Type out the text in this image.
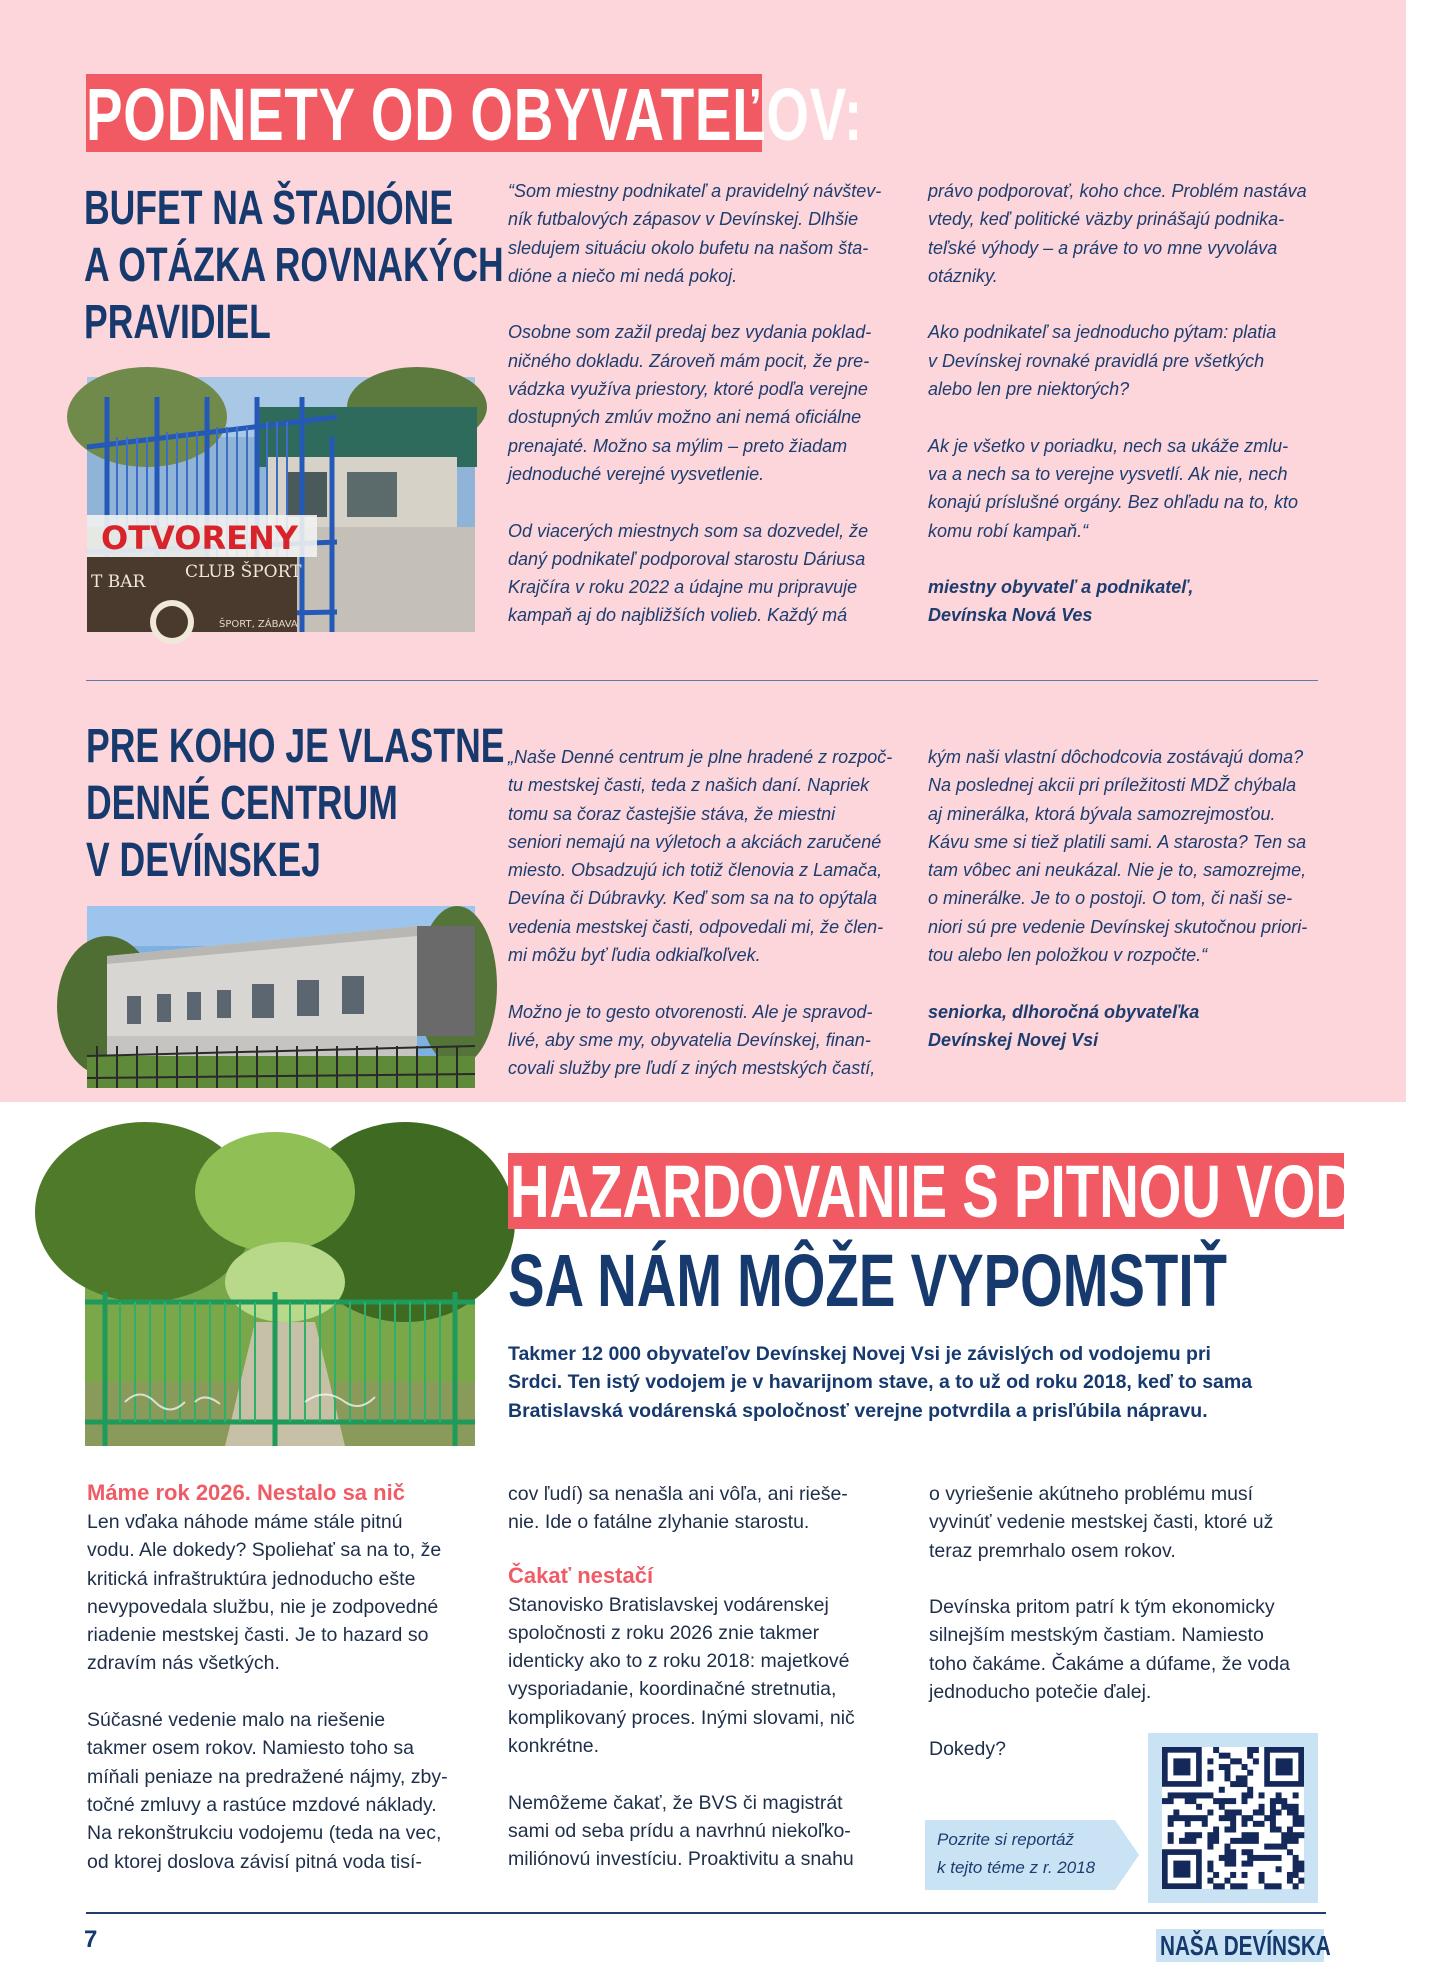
PODNETY OD OBYVATEĽOV:
BUFET NA ŠTADIÓNE
A OTÁZKA ROVNAKÝCH
PRAVIDIEL
OTVORENY
T BAR CLUB ŠPORT
ŠPORT, ZÁBAVA

“Som miestny podnikateľ a pravidelný návštev-
ník futbalových zápasov v Devínskej. Dlhšie
sledujem situáciu okolo bufetu na našom šta-
dióne a niečo mi nedá pokoj.

Osobne som zažil predaj bez vydania poklad-
ničného dokladu. Zároveň mám pocit, že pre-
vádzka využíva priestory, ktoré podľa verejne
dostupných zmlúv možno ani nemá oficiálne
prenajaté. Možno sa mýlim – preto žiadam
jednoduché verejné vysvetlenie.

Od viacerých miestnych som sa dozvedel, že
daný podnikateľ podporoval starostu Dáriusa
Krajčíra v roku 2022 a údajne mu pripravuje
kampaň aj do najbližších volieb. Každý má

právo podporovať, koho chce. Problém nastáva
vtedy, keď politické väzby prinášajú podnika-
teľské výhody – a práve to vo mne vyvoláva
otázniky.

Ako podnikateľ sa jednoducho pýtam: platia
v Devínskej rovnaké pravidlá pre všetkých
alebo len pre niektorých?

Ak je všetko v poriadku, nech sa ukáže zmlu-
va a nech sa to verejne vysvetlí. Ak nie, nech
konajú príslušné orgány. Bez ohľadu na to, kto
komu robí kampaň.“

miestny obyvateľ a podnikateľ,
Devínska Nová Ves
PRE KOHO JE VLASTNE
DENNÉ CENTRUM
V DEVÍNSKEJ

„Naše Denné centrum je plne hradené z rozpoč-
tu mestskej časti, teda z našich daní. Napriek
tomu sa čoraz častejšie stáva, že miestni
seniori nemajú na výletoch a akciách zaručené
miesto. Obsadzujú ich totiž členovia z Lamača,
Devína či Dúbravky. Keď som sa na to opýtala
vedenia mestskej časti, odpovedali mi, že člen-
mi môžu byť ľudia odkiaľkoľvek.

Možno je to gesto otvorenosti. Ale je spravod-
livé, aby sme my, obyvatelia Devínskej, finan-
covali služby pre ľudí z iných mestských častí,

kým naši vlastní dôchodcovia zostávajú doma?
Na poslednej akcii pri príležitosti MDŽ chýbala
aj minerálka, ktorá bývala samozrejmosťou.
Kávu sme si tiež platili sami. A starosta? Ten sa
tam vôbec ani neukázal. Nie je to, samozrejme,
o minerálke. Je to o postoji. O tom, či naši se-
niori sú pre vedenie Devínskej skutočnou priori-
tou alebo len položkou v rozpočte.“

seniorka, dlhoročná obyvateľka
Devínskej Novej Vsi
HAZARDOVANIE S PITNOU VODOU
SA NÁM MÔŽE VYPOMSTIŤ
Takmer 12 000 obyvateľov Devínskej Novej Vsi je závislých od vodojemu pri
Srdci. Ten istý vodojem je v havarijnom stave, a to už od roku 2018, keď to sama
Bratislavská vodárenská spoločnosť verejne potvrdila a prisľúbila nápravu.
Máme rok 2026. Nestalo sa nič

Len vďaka náhode máme stále pitnú
vodu. Ale dokedy? Spoliehať sa na to, že
kritická infraštruktúra jednoducho ešte
nevypovedala službu, nie je zodpovedné
riadenie mestskej časti. Je to hazard so
zdravím nás všetkých.

Súčasné vedenie malo na riešenie
takmer osem rokov. Namiesto toho sa
míňali peniaze na predražené nájmy, zby-
točné zmluvy a rastúce mzdové náklady.
Na rekonštrukciu vodojemu (teda na vec,
od ktorej doslova závisí pitná voda tisí-

cov ľudí) sa nenašla ani vôľa, ani rieše-
nie. Ide o fatálne zlyhanie starostu.

Čakať nestačí

Stanovisko Bratislavskej vodárenskej
spoločnosti z roku 2026 znie takmer
identicky ako to z roku 2018: majetkové
vysporiadanie, koordinačné stretnutia,
komplikovaný proces. Inými slovami, nič
konkrétne.

Nemôžeme čakať, že BVS či magistrát
sami od seba prídu a navrhnú niekoľko-
miliónovú investíciu. Proaktivitu a snahu

o vyriešenie akútneho problému musí
vyvinúť vedenie mestskej časti, ktoré už
teraz premrhalo osem rokov.

Devínska pritom patrí k tým ekonomicky
silnejším mestským častiam. Namiesto
toho čakáme. Čakáme a dúfame, že voda
jednoducho potečie ďalej.

Dokedy?

Pozrite si reportáž
k tejto téme z r. 2018
7	NAŠA DEVÍNSKA
